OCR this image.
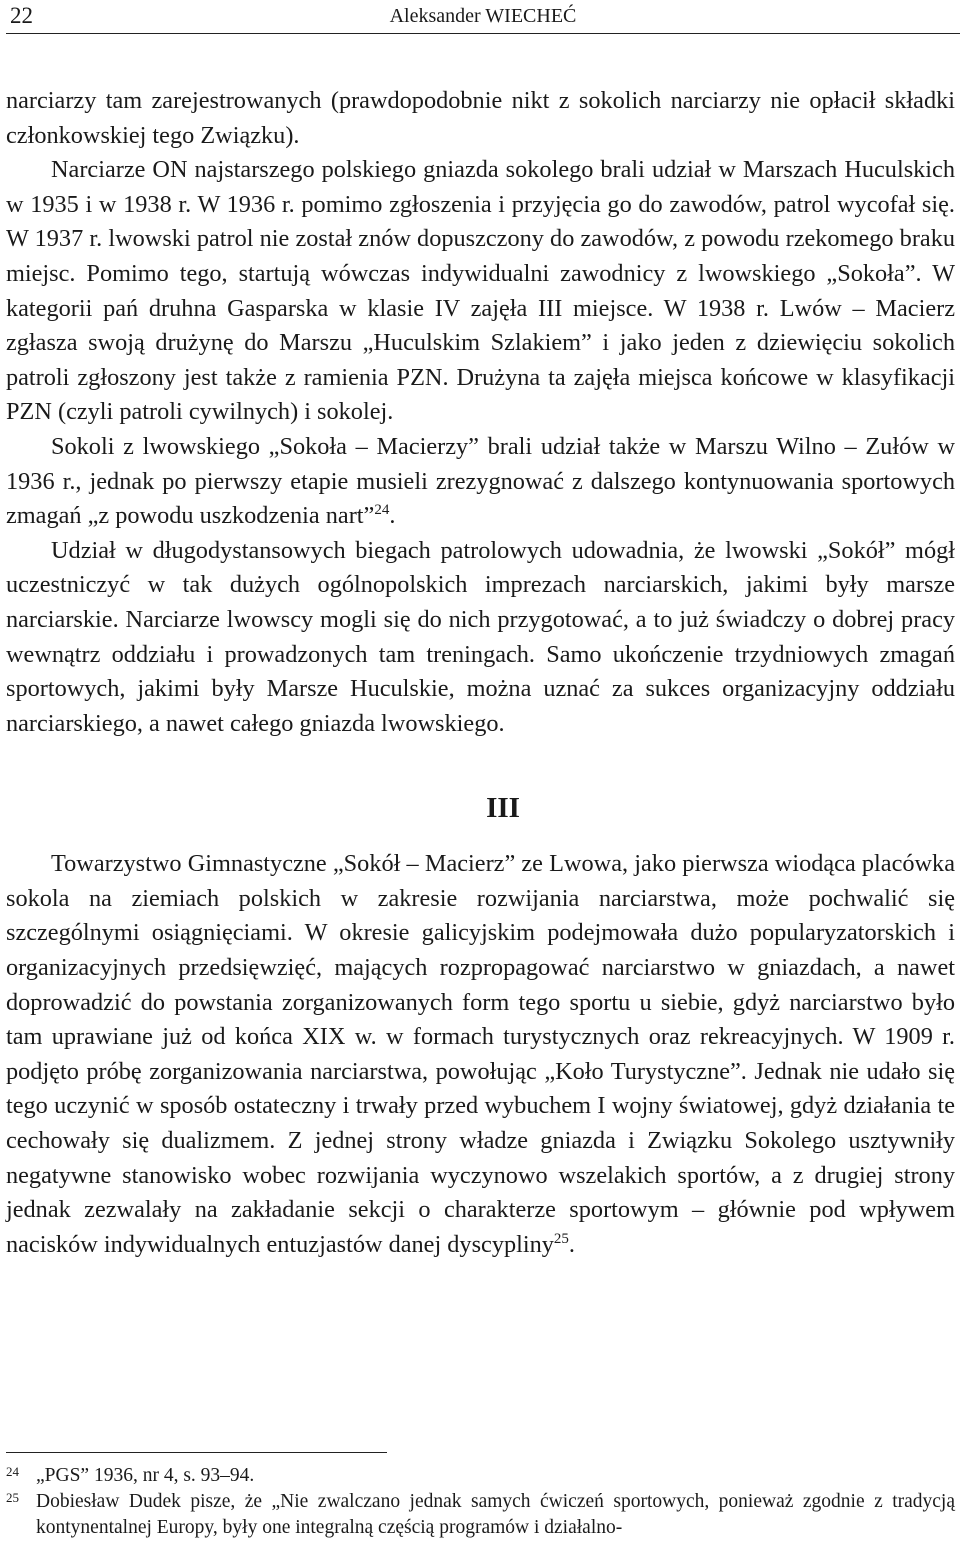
22	Aleksander WIECHEĆ

narciarzy tam zarejestrowanych (prawdopodobnie nikt z sokolich narciarzy nie opłacił składki członkowskiej tego Związku).

Narciarze ON najstarszego polskiego gniazda sokolego brali udział w Marszach Huculskich w 1935 i w 1938 r. W 1936 r. pomimo zgłoszenia i przyjęcia go do zawodów, patrol wycofał się. W 1937 r. lwowski patrol nie został znów dopuszczony do zawodów, z powodu rzekomego braku miejsc. Pomimo tego, startują wówczas indywidualni zawodnicy z lwowskiego „Sokoła”. W kategorii pań druhna Gasparska w klasie IV zajęła III miejsce. W 1938 r. Lwów – Macierz zgłasza swoją drużynę do Marszu „Huculskim Szlakiem” i jako jeden z dziewięciu sokolich patroli zgłoszony jest także z ramienia PZN. Drużyna ta zajęła miejsca końcowe w klasyfikacji PZN (czyli patroli cywilnych) i sokolej.

Sokoli z lwowskiego „Sokoła – Macierzy” brali udział także w Marszu Wilno – Zułów w 1936 r., jednak po pierwszy etapie musieli zrezygnować z dalszego kontynuowania sportowych zmagań „z powodu uszkodzenia nart”$^{24}$.

Udział w długodystansowych biegach patrolowych udowadnia, że lwowski „Sokół” mógł uczestniczyć w tak dużych ogólnopolskich imprezach narciarskich, jakimi były marsze narciarskie. Narciarze lwowscy mogli się do nich przygotować, a to już świadczy o dobrej pracy wewnątrz oddziału i prowadzonych tam treningach. Samo ukończenie trzydniowych zmagań sportowych, jakimi były Marsze Huculskie, można uznać za sukces organizacyjny oddziału narciarskiego, a nawet całego gniazda lwowskiego.

III

Towarzystwo Gimnastyczne „Sokół – Macierz” ze Lwowa, jako pierwsza wiodąca placówka sokola na ziemiach polskich w zakresie rozwijania narciarstwa, może pochwalić się szczególnymi osiągnięciami. W okresie galicyjskim podejmowała dużo popularyzatorskich i organizacyjnych przedsięwzięć, mających rozpropagować narciarstwo w gniazdach, a nawet doprowadzić do powstania zorganizowanych form tego sportu u siebie, gdyż narciarstwo było tam uprawiane już od końca XIX w. w formach turystycznych oraz rekreacyjnych. W 1909 r. podjęto próbę zorganizowania narciarstwa, powołując „Koło Turystyczne”. Jednak nie udało się tego uczynić w sposób ostateczny i trwały przed wybuchem I wojny światowej, gdyż działania te cechowały się dualizmem. Z jednej strony władze gniazda i Związku Sokolego usztywniły negatywne stanowisko wobec rozwijania wyczynowo wszelakich sportów, a z drugiej strony jednak zezwalały na zakładanie sekcji o charakterze sportowym – głównie pod wpływem nacisków indywidualnych entuzjastów danej dyscypliny$^{25}$.

24 „PGS” 1936, nr 4, s. 93–94.
25 Dobiesław Dudek pisze, że „Nie zwalczano jednak samych ćwiczeń sportowych, ponieważ zgodnie z tradycją kontynentalnej Europy, były one integralną częścią programów i działalno-
